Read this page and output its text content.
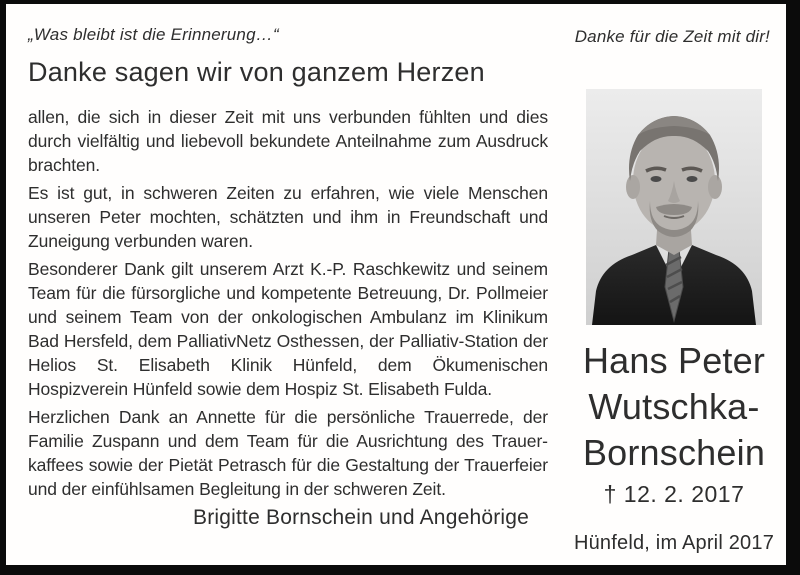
Danke für die Zeit mit dir!
„Was bleibt ist die Erinnerung…“
Danke sagen wir von ganzem Herzen

allen, die sich in dieser Zeit mit uns verbunden fühlten und dies durch vielfältig und liebevoll bekundete Anteilnahme zum Ausdruck brachten.

Es ist gut, in schweren Zeiten zu erfahren, wie viele Menschen unseren Peter mochten, schätzten und ihm in Freundschaft und Zuneigung verbunden waren.

Besonderer Dank gilt unserem Arzt K.-P. Raschkewitz und seinem Team für die fürsorgliche und kompetente Betreuung, Dr. Pollmeier und seinem Team von der onkologischen Ambulanz im Klinikum Bad Hersfeld, dem PalliativNetz Osthessen, der Palliativ-Station der Helios St. Elisabeth Klinik Hünfeld, dem Ökumenischen Hospizverein Hünfeld sowie dem Hospiz St. Elisabeth Fulda.

Herzlichen Dank an Annette für die persönliche Trauerrede, der Familie Zuspann und dem Team für die Ausrichtung des Trauerkaffees sowie der Pietät Petrasch für die Gestaltung der Trauerfeier und der einfühlsamen Begleitung in der schweren Zeit.

Brigitte Bornschein und Angehörige
Hans Peter
Wutschka-
Bornschein
† 12. 2. 2017
Hünfeld, im April 2017
